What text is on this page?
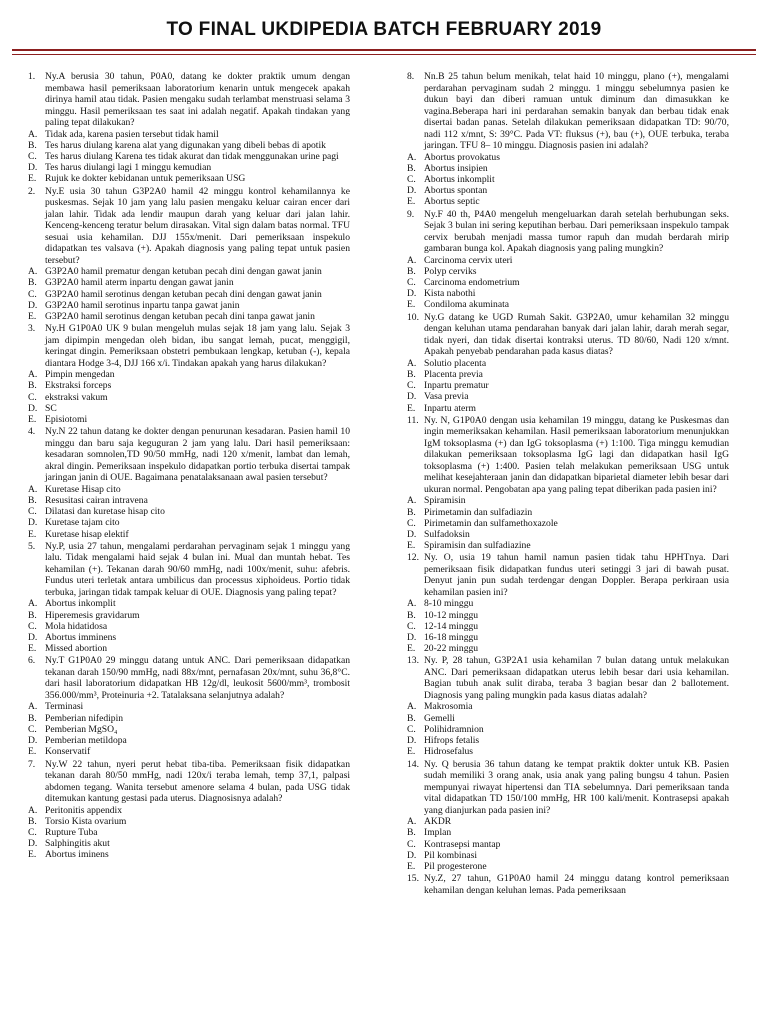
TO FINAL UKDIPEDIA BATCH FEBRUARY 2019
1.	Ny.A berusia 30 tahun, P0A0, datang ke dokter praktik umum dengan membawa hasil pemeriksaan laboratorium kenarin untuk mengecek apakah dirinya hamil atau tidak. Pasien mengaku sudah terlambat menstruasi selama 3 minggu. Hasil pemeriksaan tes saat ini adalah negatif. Apakah tindakan yang paling tepat dilakukan?
A. Tidak ada, karena pasien tersebut tidak hamil
B. Tes harus diulang karena alat yang digunakan yang dibeli bebas di apotik
C. Tes harus diulang Karena tes tidak akurat dan tidak menggunakan urine pagi
D. Tes harus diulangi lagi 1 minggu kemudian
E. Rujuk ke dokter kebidanan untuk pemeriksaan USG
2.	Ny.E usia 30 tahun G3P2A0 hamil 42 minggu kontrol kehamilannya ke puskesmas. Sejak 10 jam yang lalu pasien mengaku keluar cairan encer dari jalan lahir. Tidak ada lendir maupun darah yang keluar dari jalan lahir. Kenceng-kenceng teratur belum dirasakan. Vital sign dalam batas normal. TFU sesuai usia kehamilan. DJJ 155x/menit. Dari pemeriksaan inspekulo didapatkan tes valsava (+). Apakah diagnosis yang paling tepat untuk pasien tersebut?
A. G3P2A0 hamil prematur dengan ketuban pecah dini dengan gawat janin
B. G3P2A0 hamil aterm inpartu dengan gawat janin
C. G3P2A0 hamil serotinus dengan ketuban pecah dini dengan gawat janin
D. G3P2A0 hamil serotinus inpartu tanpa gawat janin
E. G3P2A0 hamil serotinus dengan ketuban pecah dini tanpa gawat janin
3.	Ny.H G1P0A0 UK 9 bulan mengeluh mulas sejak 18 jam yang lalu. Sejak 3 jam dipimpin mengedan oleh bidan, ibu sangat lemah, pucat, menggigil, keringat dingin. Pemeriksaan obstetri pembukaan lengkap, ketuban (-), kepala diantara Hodge 3-4, DJJ 166 x/i. Tindakan apakah yang harus dilakukan?
A. Pimpin mengedan
B. Ekstraksi forceps
C. ekstraksi vakum
D. SC
E. Episiotomi
4.	Ny.N 22 tahun datang ke dokter dengan penurunan kesadaran. Pasien hamil 10 minggu dan baru saja keguguran 2 jam yang lalu. Dari hasil pemeriksaan: kesadaran somnolen,TD 90/50 mmHg, nadi 120 x/menit, lambat dan lemah, akral dingin. Pemeriksaan inspekulo didapatkan portio terbuka disertai tampak jaringan janin di OUE. Bagaimana penatalaksanaan awal pasien tersebut?
A. Kuretase Hisap cito
B. Resusitasi cairan intravena
C. Dilatasi dan kuretase hisap cito
D. Kuretase tajam cito
E. Kuretase hisap elektif
5.	Ny.P, usia 27 tahun, mengalami perdarahan pervaginam sejak 1 minggu yang lalu. Tidak mengalami haid sejak 4 bulan ini. Mual dan muntah hebat. Tes kehamilan (+). Tekanan darah 90/60 mmHg, nadi 100x/menit, suhu: afebris. Fundus uteri terletak antara umbilicus dan processus xiphoideus. Portio tidak terbuka, jaringan tidak tampak keluar di OUE. Diagnosis yang paling tepat?
A. Abortus inkomplit
B. Hiperemesis gravidarum
C. Mola hidatidosa
D. Abortus imminens
E. Missed abortion
6.	Ny.T G1P0A0 29 minggu datang untuk ANC. Dari pemeriksaan didapatkan tekanan darah 150/90 mmHg, nadi 88x/mnt, pernafasan 20x/mnt, suhu 36,8°C. dari hasil laboratorium didapatkan HB 12g/dl, leukosit 5600/mm³, trombosit 356.000/mm³, Proteinuria +2. Tatalaksana selanjutnya adalah?
A. Terminasi
B. Pemberian nifedipin
C. Pemberian MgSO₄
D. Pemberian metildopa
E. Konservatif
7.	Ny.W 22 tahun, nyeri perut hebat tiba-tiba. Pemeriksaan fisik didapatkan tekanan darah 80/50 mmHg, nadi 120x/i teraba lemah, temp 37,1, palpasi abdomen tegang. Wanita tersebut amenore selama 4 bulan, pada USG tidak ditemukan kantung gestasi pada uterus. Diagnosisnya adalah?
A. Peritonitis appendix
B. Torsio Kista ovarium
C. Rupture Tuba
D. Salphingitis akut
E. Abortus iminens
8.	Nn.B 25 tahun belum menikah, telat haid 10 minggu, plano (+), mengalami perdarahan pervaginam sudah 2 minggu. 1 minggu sebelumnya pasien ke dukun bayi dan diberi ramuan untuk diminum dan dimasukkan ke vagina.Beberapa hari ini perdarahan semakin banyak dan berbau tidak enak disertai badan panas. Setelah dilakukan pemeriksaan didapatkan TD: 90/70, nadi 112 x/mnt, S: 39°C. Pada VT: fluksus (+), bau (+), OUE terbuka, teraba jaringan. TFU 8– 10 minggu. Diagnosis pasien ini adalah?
A. Abortus provokatus
B. Abortus insipien
C. Abortus inkomplit
D. Abortus spontan
E. Abortus septic
9.	Ny.F 40 th, P4A0 mengeluh mengeluarkan darah setelah berhubungan seks. Sejak 3 bulan ini sering keputihan berbau. Dari pemeriksaan inspekulo tampak cervix berubah menjadi massa tumor rapuh dan mudah berdarah mirip gambaran bunga kol. Apakah diagnosis yang paling mungkin?
A. Carcinoma cervix uteri
B. Polyp cerviks
C. Carcinoma endometrium
D. Kista nabothi
E. Condiloma akuminata
10. Ny.G datang ke UGD Rumah Sakit. G3P2A0, umur kehamilan 32 minggu dengan keluhan utama pendarahan banyak dari jalan lahir, darah merah segar, tidak nyeri, dan tidak disertai kontraksi uterus. TD 80/60, Nadi 120 x/mnt. Apakah penyebab pendarahan pada kasus diatas?
A. Solutio placenta
B. Placenta previa
C. Inpartu prematur
D. Vasa previa
E. Inpartu aterm
11. Ny. N, G1P0A0 dengan usia kehamilan 19 minggu, datang ke Puskesmas dan ingin memeriksakan kehamilan. Hasil pemeriksaan laboratorium menunjukkan IgM toksoplasma (+) dan IgG toksoplasma (+) 1:100. Tiga minggu kemudian dilakukan pemeriksaan toksoplasma IgG lagi dan didapatkan hasil IgG toksoplasma (+) 1:400. Pasien telah melakukan pemeriksaan USG untuk melihat kesejahteraan janin dan didapatkan biparietal diameter lebih besar dari ukuran normal. Pengobatan apa yang paling tepat diberikan pada pasien ini?
A. Spiramisin
B. Pirimetamin dan sulfadiazin
C. Pirimetamin dan sulfamethoxazole
D. Sulfadoksin
E. Spiramisin dan sulfadiazine
12. Ny. O, usia 19 tahun hamil namun pasien tidak tahu HPHTnya. Dari pemeriksaan fisik didapatkan fundus uteri setinggi 3 jari di bawah pusat. Denyut janin pun sudah terdengar dengan Doppler. Berapa perkiraan usia kehamilan pasien ini?
A. 8-10 minggu
B. 10-12 minggu
C. 12-14 minggu
D. 16-18 minggu
E. 20-22 minggu
13. Ny. P, 28 tahun, G3P2A1 usia kehamilan 7 bulan datang untuk melakukan ANC. Dari pemeriksaan didapatkan uterus lebih besar dari usia kehamilan. Bagian tubuh anak sulit diraba, teraba 3 bagian besar dan 2 ballotement. Diagnosis yang paling mungkin pada kasus diatas adalah?
A. Makrosomia
B. Gemelli
C. Polihidramnion
D. Hifrops fetalis
E. Hidrosefalus
14. Ny. Q berusia 36 tahun datang ke tempat praktik dokter untuk KB. Pasien sudah memiliki 3 orang anak, usia anak yang paling bungsu 4 tahun. Pasien mempunyai riwayat hipertensi dan TIA sebelumnya. Dari pemeriksaan tanda vital didapatkan TD 150/100 mmHg, HR 100 kali/menit. Kontrasepsi apakah yang dianjurkan pada pasien ini?
A. AKDR
B. Implan
C. Kontrasepsi mantap
D. Pil kombinasi
E. Pil progesterone
15. Ny.Z, 27 tahun, G1P0A0 hamil 24 minggu datang kontrol pemeriksaan kehamilan dengan keluhan lemas. Pada pemeriksaan
